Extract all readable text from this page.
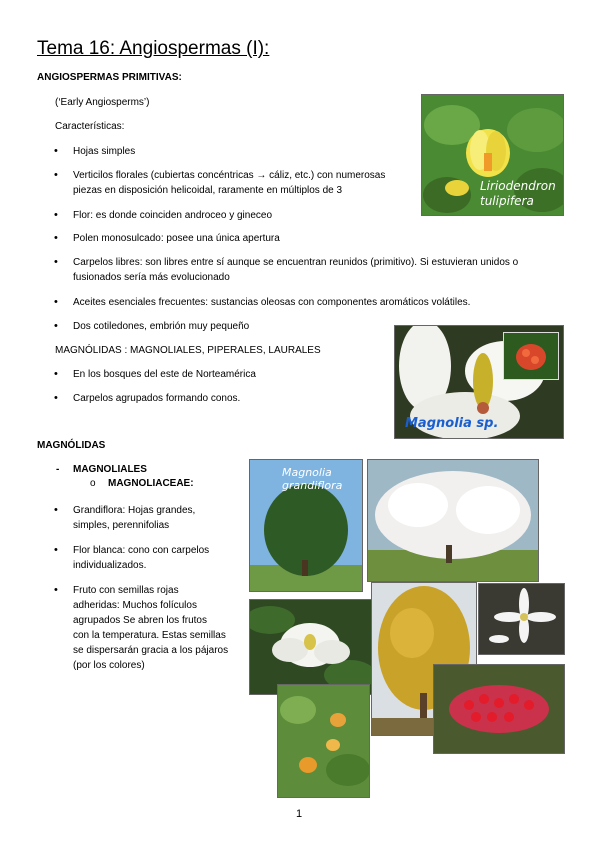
Tema 16: Angiospermas (I):
ANGIOSPERMAS PRIMITIVAS:
(‘Early Angiosperms’)
Características:
• Hojas simples
• Verticilos florales (cubiertas concéntricas → cáliz, etc.) con numerosas
piezas en disposición helicoidal, raramente en múltiplos de 3
• Flor: es donde coinciden androceo y gineceo
• Polen monosulcado: posee una única apertura
• Carpelos libres: son libres entre sí aunque se encuentran reunidos (primitivo). Si estuvieran unidos o
fusionados sería más evolucionado
• Aceites esenciales frecuentes: sustancias oleosas con componentes aromáticos volátiles.
• Dos cotiledones, embrión muy pequeño
MAGNÓLIDAS : MAGNOLIALES, PIPERALES, LAURALES
• En los bosques del este de Norteamérica
• Carpelos agrupados formando conos.
MAGNÓLIDAS
- MAGNOLIALES
o MAGNOLIACEAE:
• Grandiflora: Hojas grandes,
simples, perennifolias
• Flor blanca: cono con carpelos
individualizados.
• Fruto con semillas rojas
adheridas: Muchos folículos
agrupados Se abren los frutos
con la temperatura. Estas semillas
se dispersarán gracia a los pájaros
(por los colores)
Liriodendron
tulipifera
Magnolia sp.
Magnolia
grandiflora
1
